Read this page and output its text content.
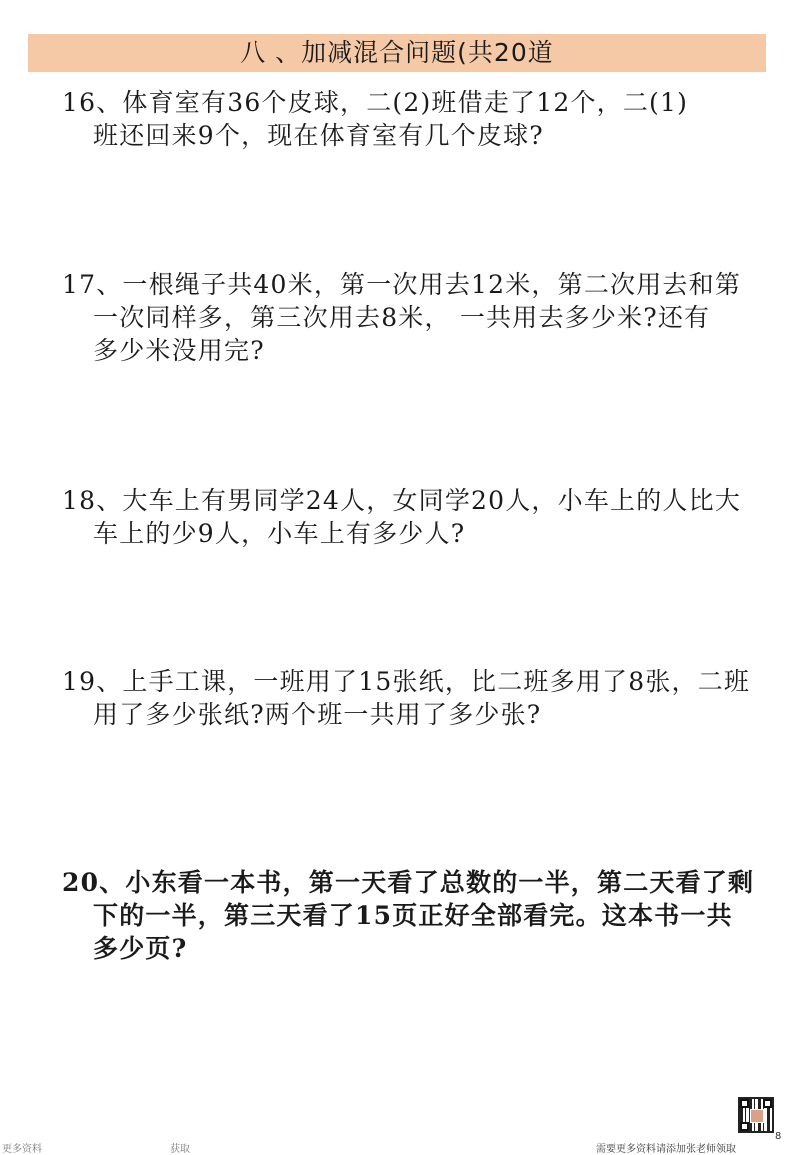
八 、加减混合问题(共20道
16、体育室有36个皮球，二(2)班借走了12个，二(1)
班还回来9个，现在体育室有几个皮球?
17、一根绳子共40米，第一次用去12米，第二次用去和第
一次同样多，第三次用去8米， 一共用去多少米?还有
多少米没用完?
18、大车上有男同学24人，女同学20人，小车上的人比大
车上的少9人，小车上有多少人?
19、上手工课，一班用了15张纸，比二班多用了8张，二班
用了多少张纸?两个班一共用了多少张?
20、小东看一本书，第一天看了总数的一半，第二天看了剩
下的一半，第三天看了15页正好全部看完。这本书一共
多少页?
8
更多资料	获取	需要更多资料请添加张老师领取
